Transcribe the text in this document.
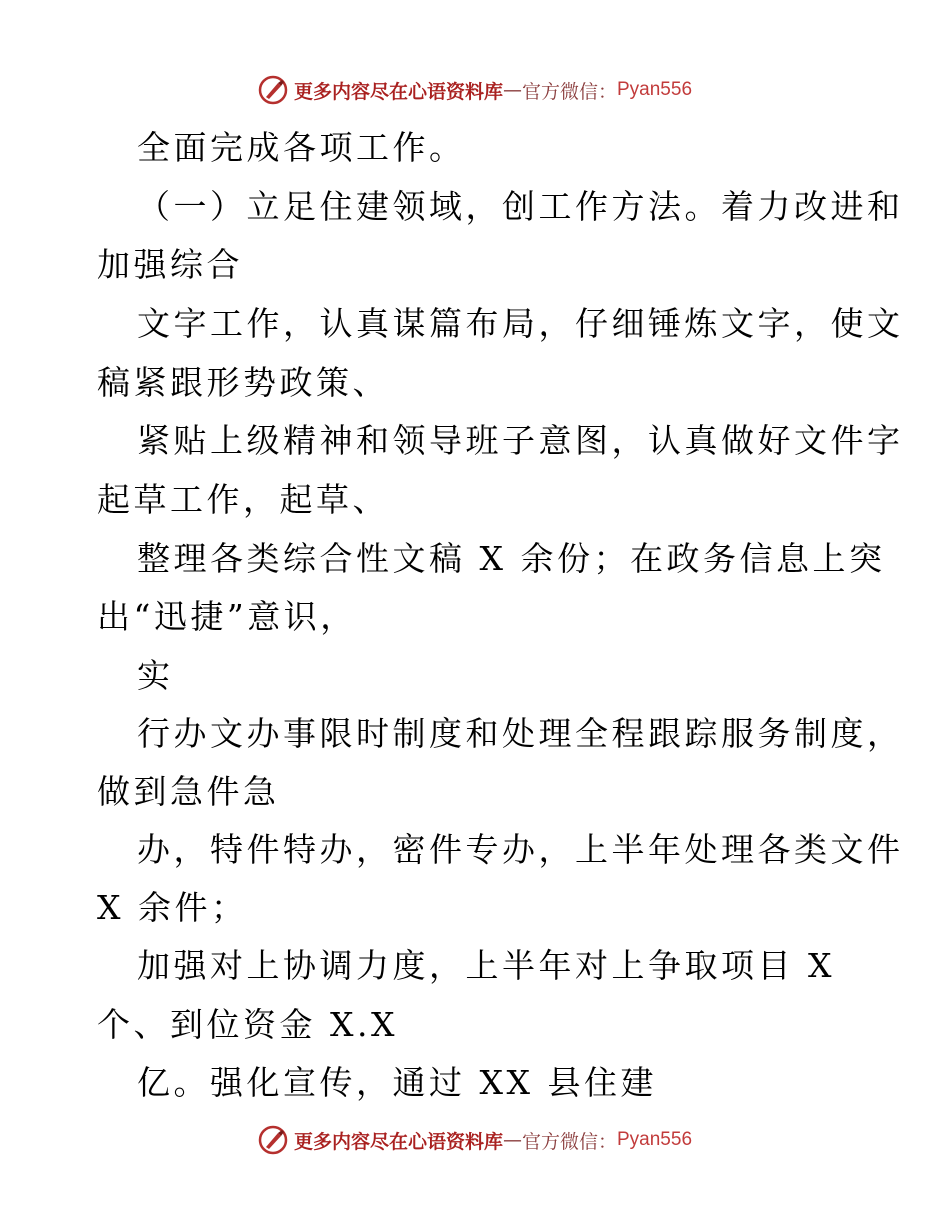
更多内容尽在心语资料库 — 官方微信： Pyan556
全面完成各项工作。
（一）立足住建领域，创工作方法。着力改进和
加强综合
文字工作，认真谋篇布局，仔细锤炼文字，使文
稿紧跟形势政策、
紧贴上级精神和领导班子意图，认真做好文件字
起草工作，起草、
整理各类综合性文稿 X 余份；在政务信息上突
出“迅捷”意识，
实
行办文办事限时制度和处理全程跟踪服务制度，
做到急件急
办，特件特办，密件专办，上半年处理各类文件
X 余件；
加强对上协调力度，上半年对上争取项目 X
个、到位资金 X.X
亿。强化宣传，通过 XX 县住建
更多内容尽在心语资料库 — 官方微信： Pyan556
